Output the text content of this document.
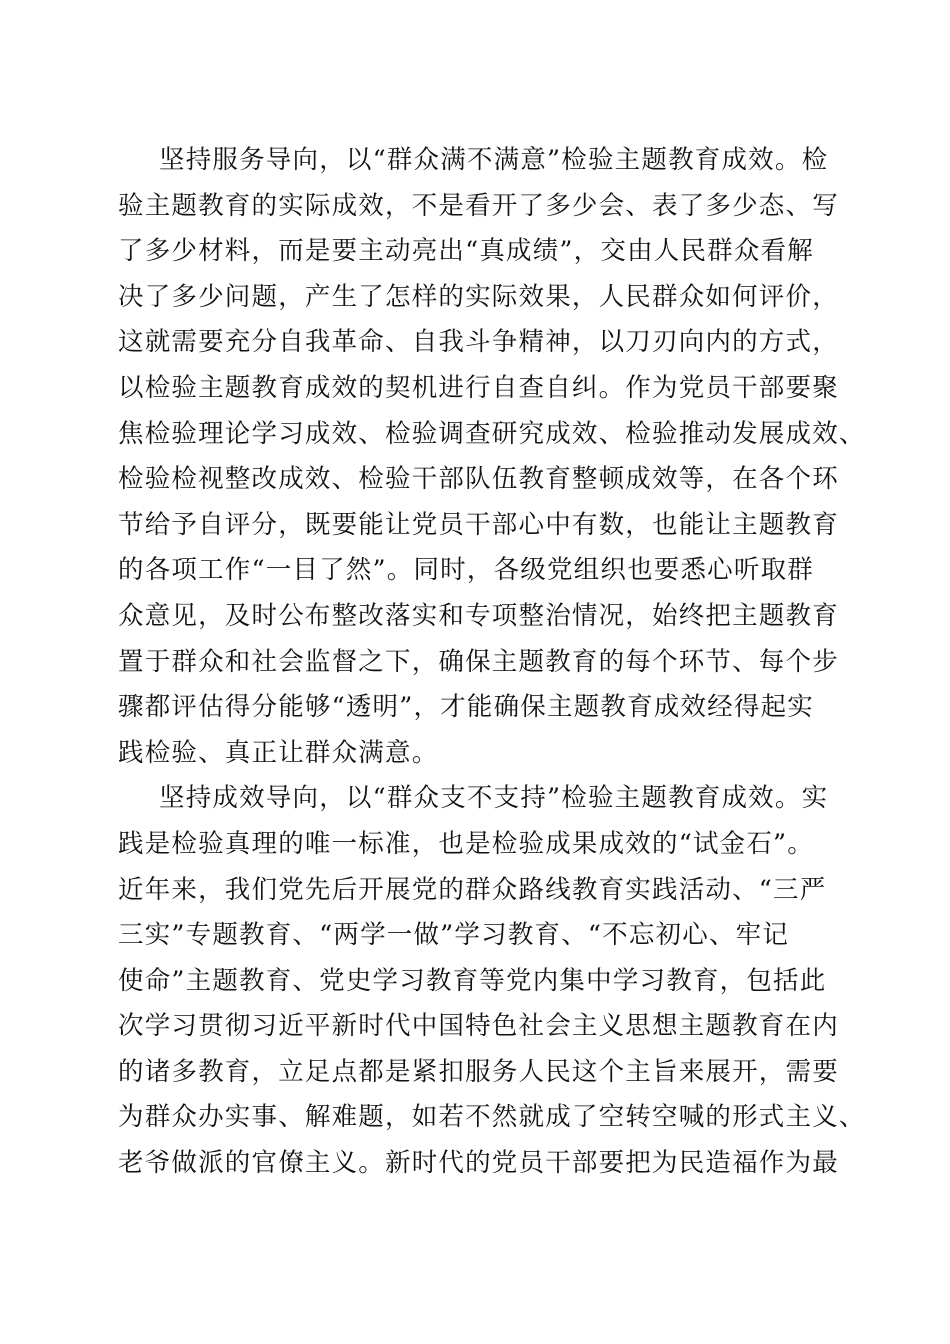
坚持服务导向，以“群众满不满意”检验主题教育成效。检
验主题教育的实际成效，不是看开了多少会、表了多少态、写
了多少材料，而是要主动亮出“真成绩”，交由人民群众看解
决了多少问题，产生了怎样的实际效果，人民群众如何评价，
这就需要充分自我革命、自我斗争精神，以刀刃向内的方式，
以检验主题教育成效的契机进行自查自纠。作为党员干部要聚
焦检验理论学习成效、检验调查研究成效、检验推动发展成效、
检验检视整改成效、检验干部队伍教育整顿成效等，在各个环
节给予自评分，既要能让党员干部心中有数，也能让主题教育
的各项工作“一目了然”。同时，各级党组织也要悉心听取群
众意见，及时公布整改落实和专项整治情况，始终把主题教育
置于群众和社会监督之下，确保主题教育的每个环节、每个步
骤都评估得分能够“透明”，才能确保主题教育成效经得起实
践检验、真正让群众满意。
坚持成效导向，以“群众支不支持”检验主题教育成效。实
践是检验真理的唯一标准，也是检验成果成效的“试金石”。
近年来，我们党先后开展党的群众路线教育实践活动、“三严
三实”专题教育、“两学一做”学习教育、“不忘初心、牢记
使命”主题教育、党史学习教育等党内集中学习教育，包括此
次学习贯彻习近平新时代中国特色社会主义思想主题教育在内
的诸多教育，立足点都是紧扣服务人民这个主旨来展开，需要
为群众办实事、解难题，如若不然就成了空转空喊的形式主义、
老爷做派的官僚主义。新时代的党员干部要把为民造福作为最
